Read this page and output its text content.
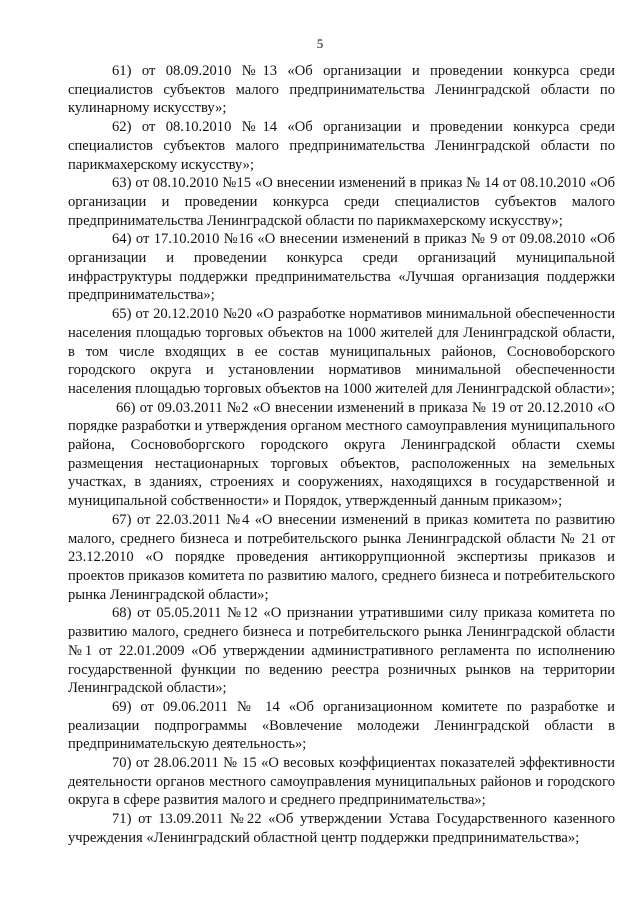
5

61) от 08.09.2010 №13 «Об организации и проведении конкурса среди специалистов субъектов малого предпринимательства Ленинградской области по кулинарному искусству»;

62) от 08.10.2010 №14 «Об организации и проведении конкурса среди специалистов субъектов малого предпринимательства Ленинградской области по парикмахерскому искусству»;

63) от 08.10.2010 №15 «О внесении изменений в приказ № 14 от 08.10.2010 «Об организации и проведении конкурса среди специалистов субъектов малого предпринимательства Ленинградской области по парикмахерскому искусству»;

64) от 17.10.2010 №16 «О внесении изменений в приказ № 9 от 09.08.2010 «Об организации и проведении конкурса среди организаций муниципальной инфраструктуры поддержки предпринимательства «Лучшая организация поддержки предпринимательства»;

65) от 20.12.2010 №20 «О разработке нормативов минимальной обеспеченности населения площадью торговых объектов на 1000 жителей для Ленинградской области, в том числе входящих в ее состав муниципальных районов, Сосновоборского городского округа и установлении нормативов минимальной обеспеченности населения площадью торговых объектов на 1000 жителей для Ленинградской области»;

66) от 09.03.2011 №2 «О внесении изменений в приказа № 19 от 20.12.2010 «О порядке разработки и утверждения органом местного самоуправления муниципального района, Сосновоборгского городского округа Ленинградской области схемы размещения нестационарных торговых объектов, расположенных на земельных участках, в зданиях, строениях и сооружениях, находящихся в государственной и муниципальной собственности» и Порядок, утвержденный данным приказом»;

67) от 22.03.2011 №4 «О внесении изменений в приказ комитета по развитию малого, среднего бизнеса и потребительского рынка Ленинградской области № 21 от 23.12.2010 «О порядке проведения антикоррупционной экспертизы приказов и проектов приказов комитета по развитию малого, среднего бизнеса и потребительского рынка Ленинградской области»;

68) от 05.05.2011 №12 «О признании утратившими силу приказа комитета по развитию малого, среднего бизнеса и потребительского рынка Ленинградской области №1 от 22.01.2009 «Об утверждении административного регламента по исполнению государственной функции по ведению реестра розничных рынков на территории Ленинградской области»;

69) от 09.06.2011 № 14 «Об организационном комитете по разработке и реализации подпрограммы «Вовлечение молодежи Ленинградской области в предпринимательскую деятельность»;

70) от 28.06.2011 № 15 «О весовых коэффициентах показателей эффективности деятельности органов местного самоуправления муниципальных районов и городского округа в сфере развития малого и среднего предпринимательства»;

71) от 13.09.2011 №22 «Об утверждении Устава Государственного казенного учреждения «Ленинградский областной центр поддержки предпринимательства»;
